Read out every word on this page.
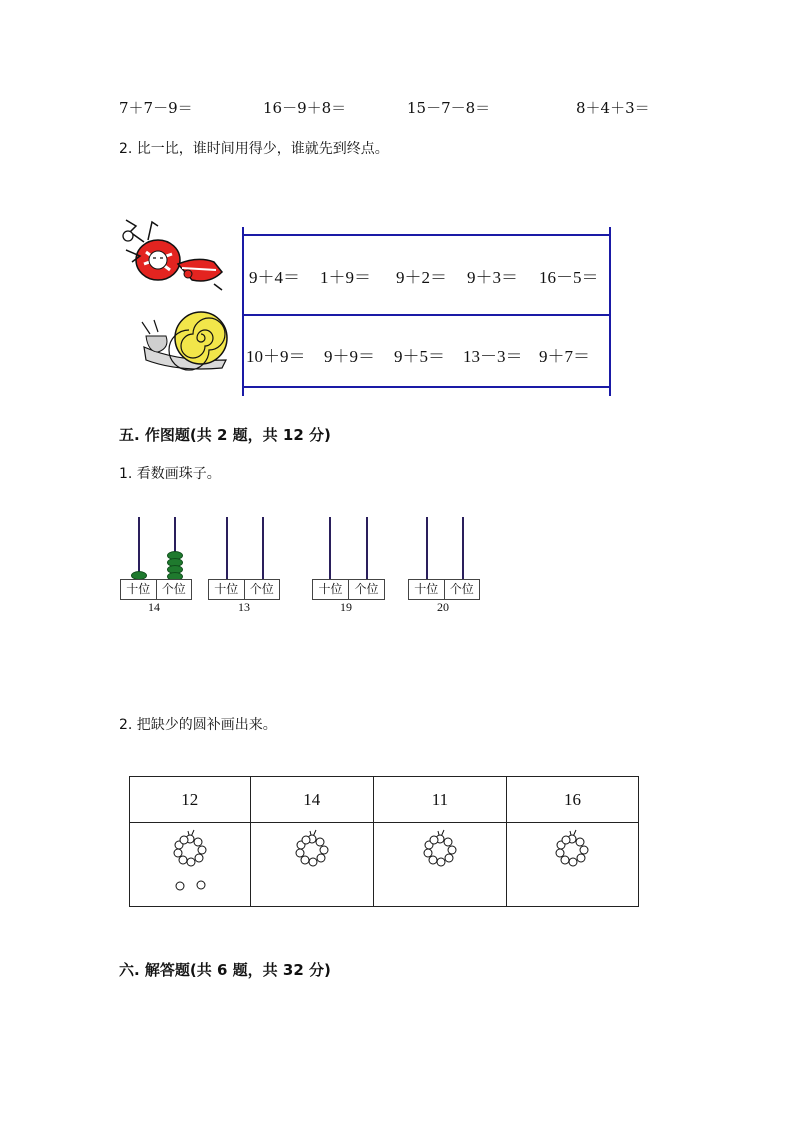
7＋7－9＝	16－9＋8＝	15－7－8＝	8＋4＋3＝
2. 比一比，谁时间用得少，谁就先到终点。
9＋4＝ 1＋9＝ 9＋2＝ 9＋3＝ 16－5＝
10＋9＝ 9＋9＝ 9＋5＝ 13－3＝ 9＋7＝
五. 作图题(共 2 题，共 12 分)
1. 看数画珠子。
十位 个位
14
十位 个位
13
十位 个位
19
十位 个位
20
2. 把缺少的圆补画出来。
12	14	11	16

六. 解答题(共 6 题，共 32 分)
